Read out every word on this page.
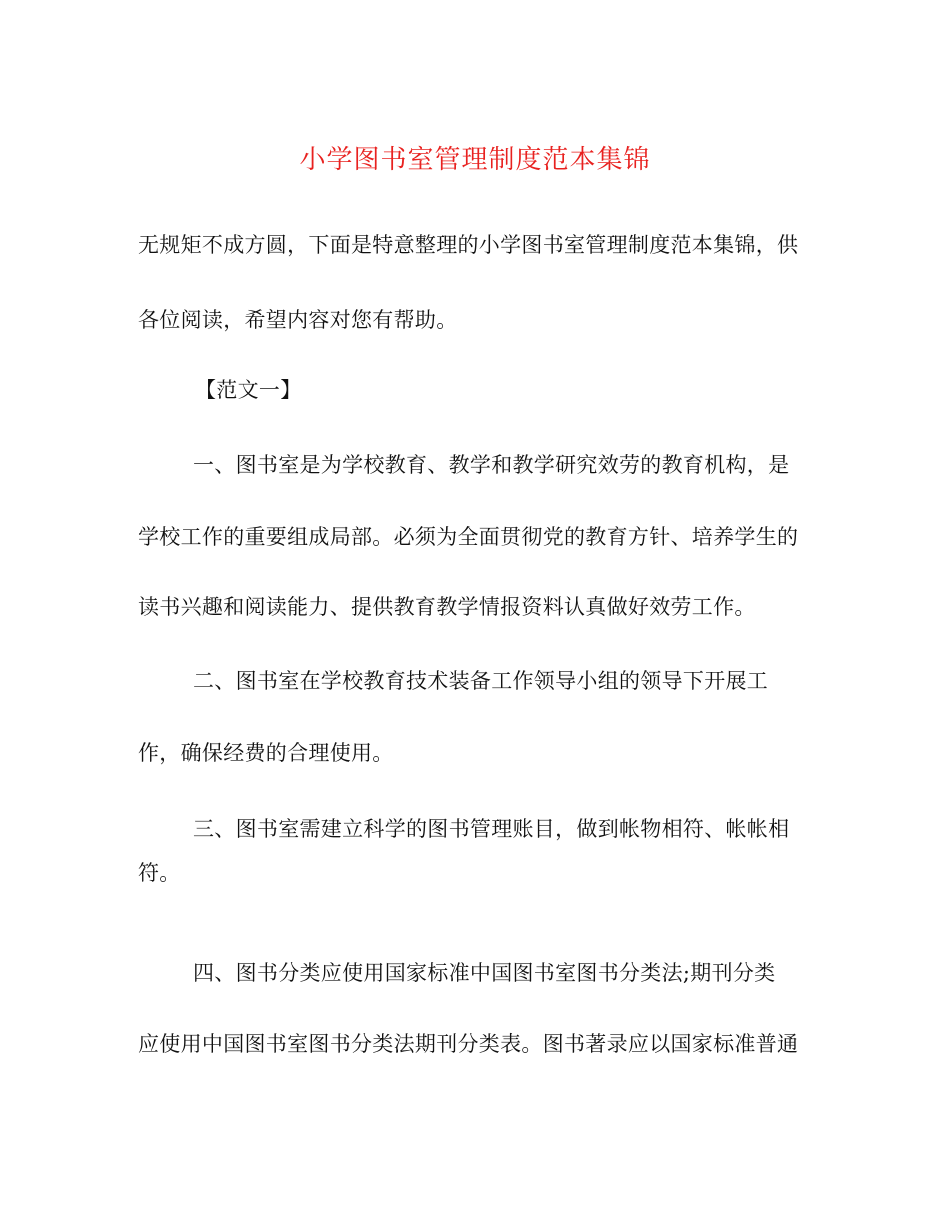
小学图书室管理制度范本集锦
无规矩不成方圆，下面是特意整理的小学图书室管理制度范本集锦，供
各位阅读，希望内容对您有帮助。
【范文一】
一、图书室是为学校教育、教学和教学研究效劳的教育机构，是
学校工作的重要组成局部。必须为全面贯彻党的教育方针、培养学生的
读书兴趣和阅读能力、提供教育教学情报资料认真做好效劳工作。
二、图书室在学校教育技术装备工作领导小组的领导下开展工
作，确保经费的合理使用。
三、图书室需建立科学的图书管理账目，做到帐物相符、帐帐相
符。
四、图书分类应使用国家标准中国图书室图书分类法;期刊分类
应使用中国图书室图书分类法期刊分类表。图书著录应以国家标准普通
